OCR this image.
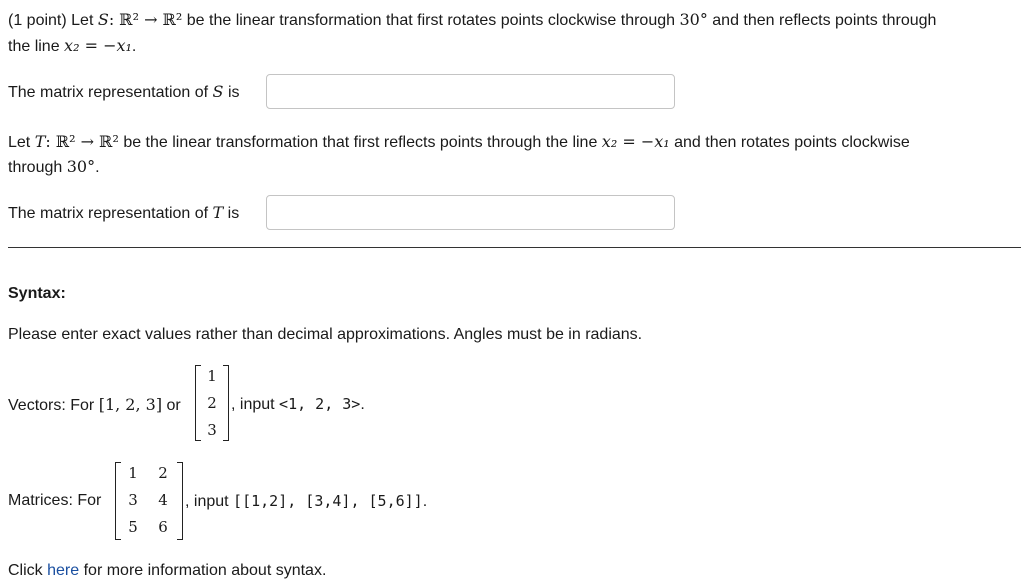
(1 point) Let S: ℝ² → ℝ² be the linear transformation that first rotates points clockwise through 30° and then reflects points through
the line x₂ = −x₁.
The matrix representation of S is
Let T: ℝ² → ℝ² be the linear transformation that first reflects points through the line x₂ = −x₁ and then rotates points clockwise
through 30°.
The matrix representation of T is
Syntax:
Please enter exact values rather than decimal approximations. Angles must be in radians.
Vectors: For [1, 2, 3] or
1
2
3
, input <1, 2, 3>.
Matrices: For
1 2
3 4
5 6
, input [[1,2], [3,4], [5,6]].
Click here for more information about syntax.
